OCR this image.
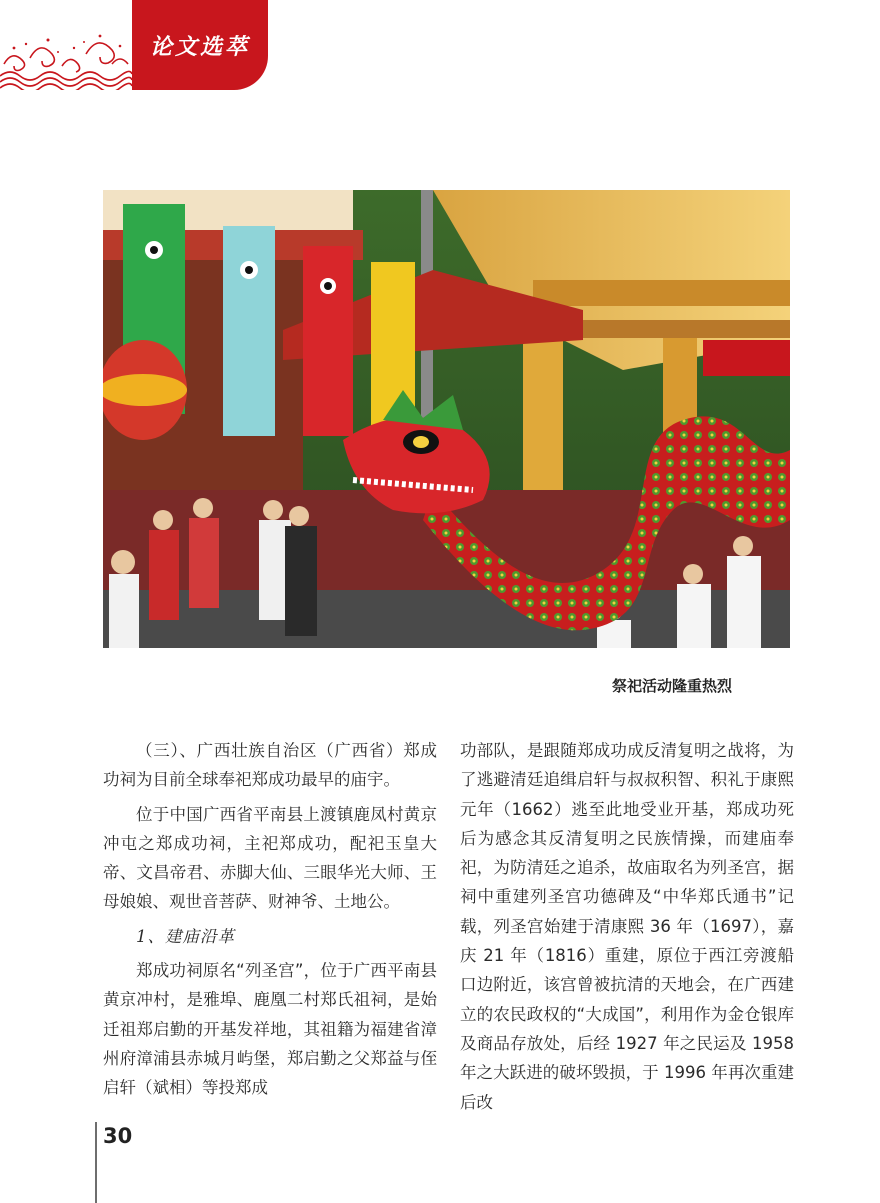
论文选萃
祭祀活动隆重热烈

（三）、广西壮族自治区（广西省）郑成功祠为目前全球奉祀郑成功最早的庙宇。

位于中国广西省平南县上渡镇鹿凤村黄京冲屯之郑成功祠，主祀郑成功，配祀玉皇大帝、文昌帝君、赤脚大仙、三眼华光大师、王母娘娘、观世音菩萨、财神爷、土地公。

1、建庙沿革

郑成功祠原名“列圣宫”，位于广西平南县黄京冲村，是雅埠、鹿凰二村郑氏祖祠，是始迁祖郑启勤的开基发祥地，其祖籍为福建省漳州府漳浦县赤城月屿堡，郑启勤之父郑益与侄启轩（斌相）等投郑成

功部队，是跟随郑成功成反清复明之战将，为了逃避清廷追缉启轩与叔叔积智、积礼于康熙元年（1662）逃至此地受业开基，郑成功死后为感念其反清复明之民族情操，而建庙奉祀，为防清廷之追杀，故庙取名为列圣宫，据祠中重建列圣宫功德碑及“中华郑氏通书”记载，列圣宫始建于清康熙 36 年（1697），嘉庆 21 年（1816）重建，原位于西江旁渡船口边附近，该宫曾被抗清的天地会，在广西建立的农民政权的“大成国”，利用作为金仓银库及商品存放处，后经 1927 年之民运及 1958 年之大跃进的破坏毁损，于 1996 年再次重建后改

30
